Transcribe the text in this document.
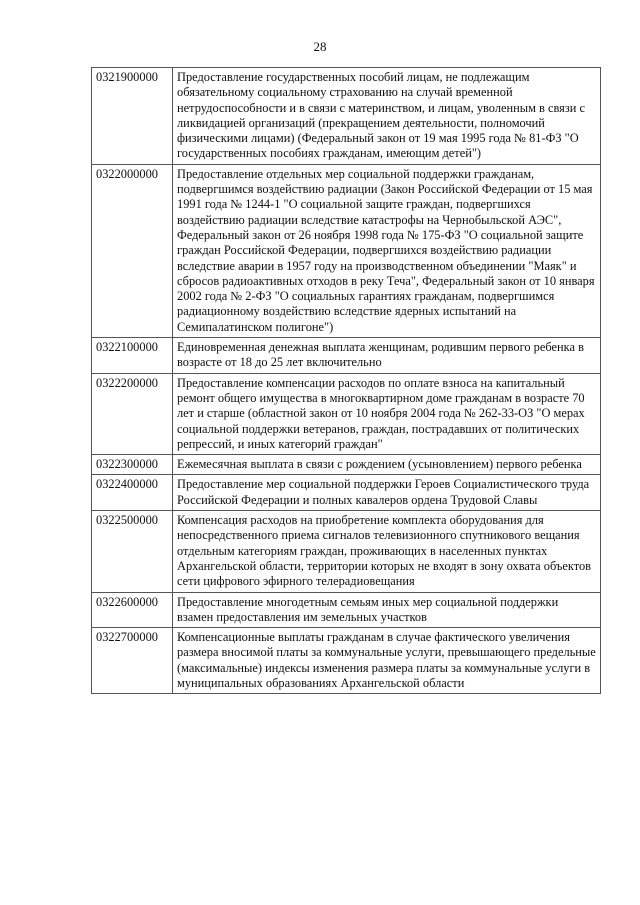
28
0321900000	Предоставление государственных пособий лицам, не подлежащим обязательному социальному страхованию на случай временной нетрудоспособности и в связи с материнством, и лицам, уволенным в связи с ликвидацией организаций (прекращением деятельности, полномочий физическими лицами) (Федеральный закон от 19 мая 1995 года № 81-ФЗ "О государственных пособиях гражданам, имеющим детей")
0322000000	Предоставление отдельных мер социальной поддержки гражданам, подвергшимся воздействию радиации (Закон Российской Федерации от 15 мая 1991 года № 1244-1 "О социальной защите граждан, подвергшихся воздействию радиации вследствие катастрофы на Чернобыльской АЭС", Федеральный закон от 26 ноября 1998 года № 175-ФЗ "О социальной защите граждан Российской Федерации, подвергшихся воздействию радиации вследствие аварии в 1957 году на производственном объединении "Маяк" и сбросов радиоактивных отходов в реку Теча", Федеральный закон от 10 января 2002 года № 2-ФЗ "О социальных гарантиях гражданам, подвергшимся радиационному воздействию вследствие ядерных испытаний на Семипалатинском полигоне")
0322100000	Единовременная денежная выплата женщинам, родившим первого ребенка в возрасте от 18 до 25 лет включительно
0322200000	Предоставление компенсации расходов по оплате взноса на капитальный ремонт общего имущества в многоквартирном доме гражданам в возрасте 70 лет и старше (областной закон от 10 ноября 2004 года № 262-33-ОЗ "О мерах социальной поддержки ветеранов, граждан, пострадавших от политических репрессий, и иных категорий граждан"
0322300000	Ежемесячная выплата в связи с рождением (усыновлением) первого ребенка
0322400000	Предоставление мер социальной поддержки Героев Социалистического труда Российской Федерации и полных кавалеров ордена Трудовой Славы
0322500000	Компенсация расходов на приобретение комплекта оборудования для непосредственного приема сигналов телевизионного спутникового вещания отдельным категориям граждан, проживающих в населенных пунктах Архангельской области, территории которых не входят в зону охвата объектов сети цифрового эфирного телерадиовещания
0322600000	Предоставление многодетным семьям иных мер социальной поддержки взамен предоставления им земельных участков
0322700000	Компенсационные выплаты гражданам в случае фактического увеличения размера вносимой платы за коммунальные услуги, превышающего предельные (максимальные) индексы изменения размера платы за коммунальные услуги в муниципальных образованиях Архангельской области
